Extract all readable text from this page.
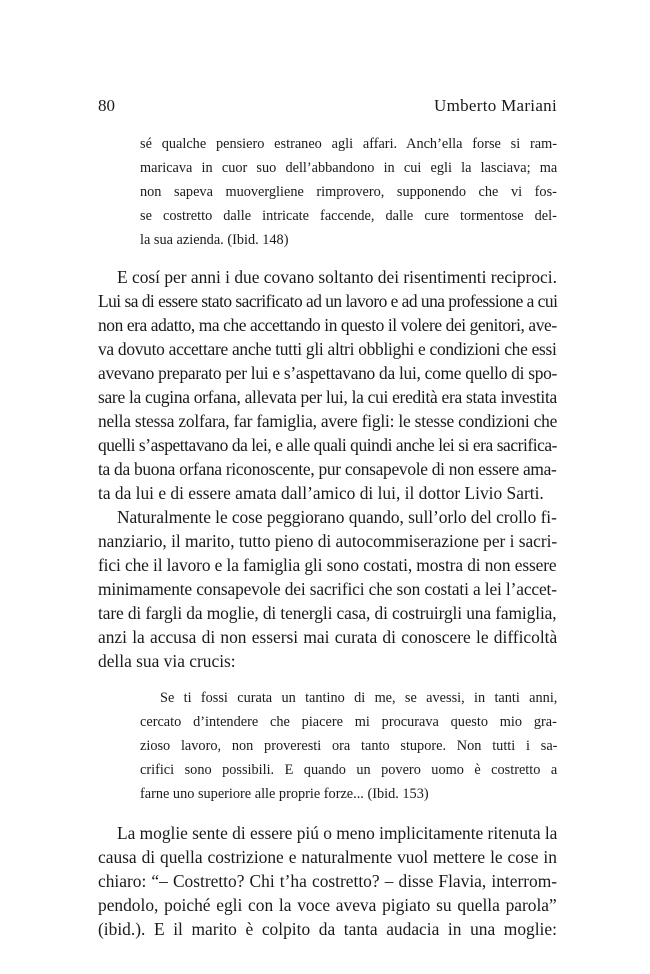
80	Umberto Mariani
sé qualche pensiero estraneo agli affari. Anch’ella forse si ram-
maricava in cuor suo dell’abbandono in cui egli la lasciava; ma
non sapeva muovergliene rimprovero, supponendo che vi fos-
se costretto dalle intricate faccende, dalle cure tormentose del-
la sua azienda. (Ibid. 148)
E cosí per anni i due covano soltanto dei risentimenti reciproci.
Lui sa di essere stato sacrificato ad un lavoro e ad una professione a cui
non era adatto, ma che accettando in questo il volere dei genitori, ave-
va dovuto accettare anche tutti gli altri obblighi e condizioni che essi
avevano preparato per lui e s’aspettavano da lui, come quello di spo-
sare la cugina orfana, allevata per lui, la cui eredità era stata investita
nella stessa zolfara, far famiglia, avere figli: le stesse condizioni che
quelli s’aspettavano da lei, e alle quali quindi anche lei si era sacrifica-
ta da buona orfana riconoscente, pur consapevole di non essere ama-
ta da lui e di essere amata dall’amico di lui, il dottor Livio Sarti.
Naturalmente le cose peggiorano quando, sull’orlo del crollo fi-
nanziario, il marito, tutto pieno di autocommiserazione per i sacri-
fici che il lavoro e la famiglia gli sono costati, mostra di non essere
minimamente consapevole dei sacrifici che son costati a lei l’accet-
tare di fargli da moglie, di tenergli casa, di costruirgli una famiglia,
anzi la accusa di non essersi mai curata di conoscere le difficoltà
della sua via crucis:
Se ti fossi curata un tantino di me, se avessi, in tanti anni,
cercato d’intendere che piacere mi procurava questo mio gra-
zioso lavoro, non proveresti ora tanto stupore. Non tutti i sa-
crifici sono possibili. E quando un povero uomo è costretto a
farne uno superiore alle proprie forze... (Ibid. 153)
La moglie sente di essere piú o meno implicitamente ritenuta la
causa di quella costrizione e naturalmente vuol mettere le cose in
chiaro: “– Costretto? Chi t’ha costretto? – disse Flavia, interrom-
pendolo, poiché egli con la voce aveva pigiato su quella parola”
(ibid.). E il marito è colpito da tanta audacia in una moglie:
